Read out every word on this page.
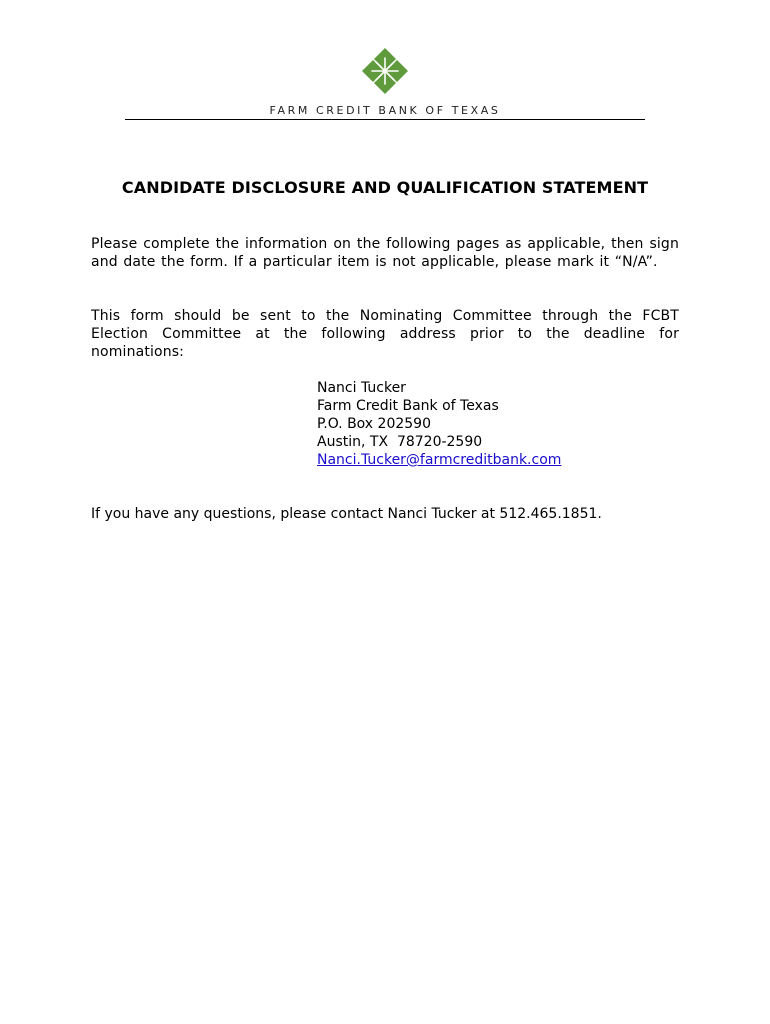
FARM CREDIT BANK OF TEXAS
CANDIDATE DISCLOSURE AND QUALIFICATION STATEMENT
Please complete the information on the following pages as applicable, then sign and date the form. If a particular item is not applicable, please mark it “N/A”.
This form should be sent to the Nominating Committee through the FCBT Election Committee at the following address prior to the deadline for nominations:
Nanci Tucker
Farm Credit Bank of Texas
P.O. Box 202590
Austin, TX  78720-2590
Nanci.Tucker@farmcreditbank.com
If you have any questions, please contact Nanci Tucker at 512.465.1851.
